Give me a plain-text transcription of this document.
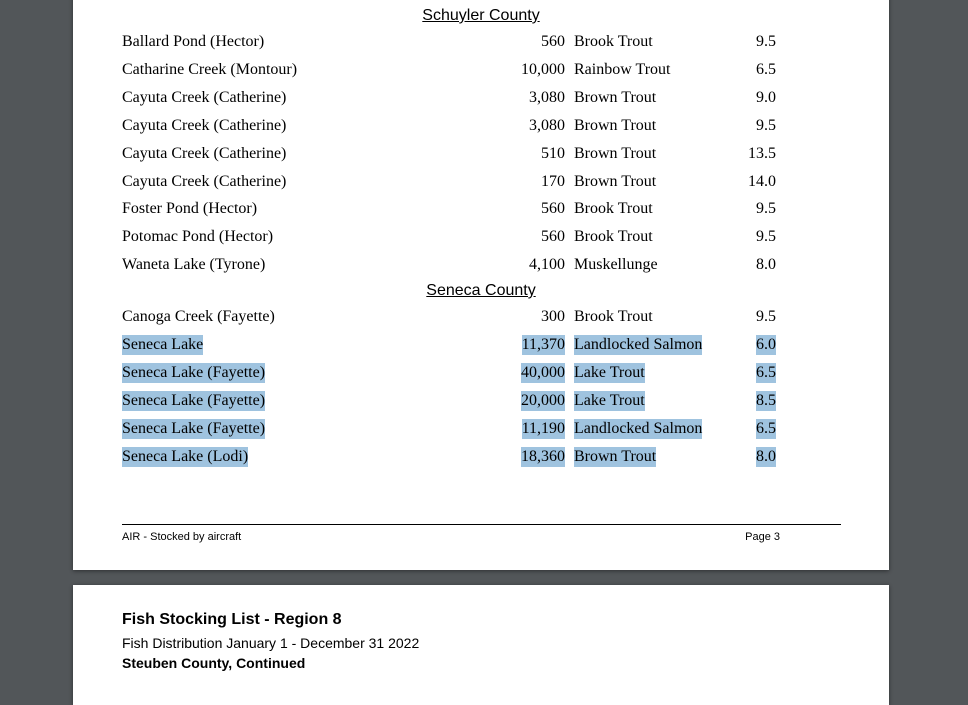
Schuyler County
Ballard Pond (Hector)	560 Brook Trout	9.5
Catharine Creek (Montour)	10,000 Rainbow Trout	6.5
Cayuta Creek (Catherine)	3,080 Brown Trout	9.0
Cayuta Creek (Catherine)	3,080 Brown Trout	9.5
Cayuta Creek (Catherine)	510 Brown Trout	13.5
Cayuta Creek (Catherine)	170 Brown Trout	14.0
Foster Pond (Hector)	560 Brook Trout	9.5
Potomac Pond (Hector)	560 Brook Trout	9.5
Waneta Lake (Tyrone)	4,100 Muskellunge	8.0
Seneca County
Canoga Creek (Fayette)	300 Brook Trout	9.5
Seneca Lake	11,370 Landlocked Salmon	6.0
Seneca Lake (Fayette)	40,000 Lake Trout	6.5
Seneca Lake (Fayette)	20,000 Lake Trout	8.5
Seneca Lake (Fayette)	11,190 Landlocked Salmon	6.5
Seneca Lake (Lodi)	18,360 Brown Trout	8.0
AIR - Stocked by aircraft	Page 3
Fish Stocking List - Region 8
Fish Distribution January 1 - December 31 2022
Steuben County, Continued
